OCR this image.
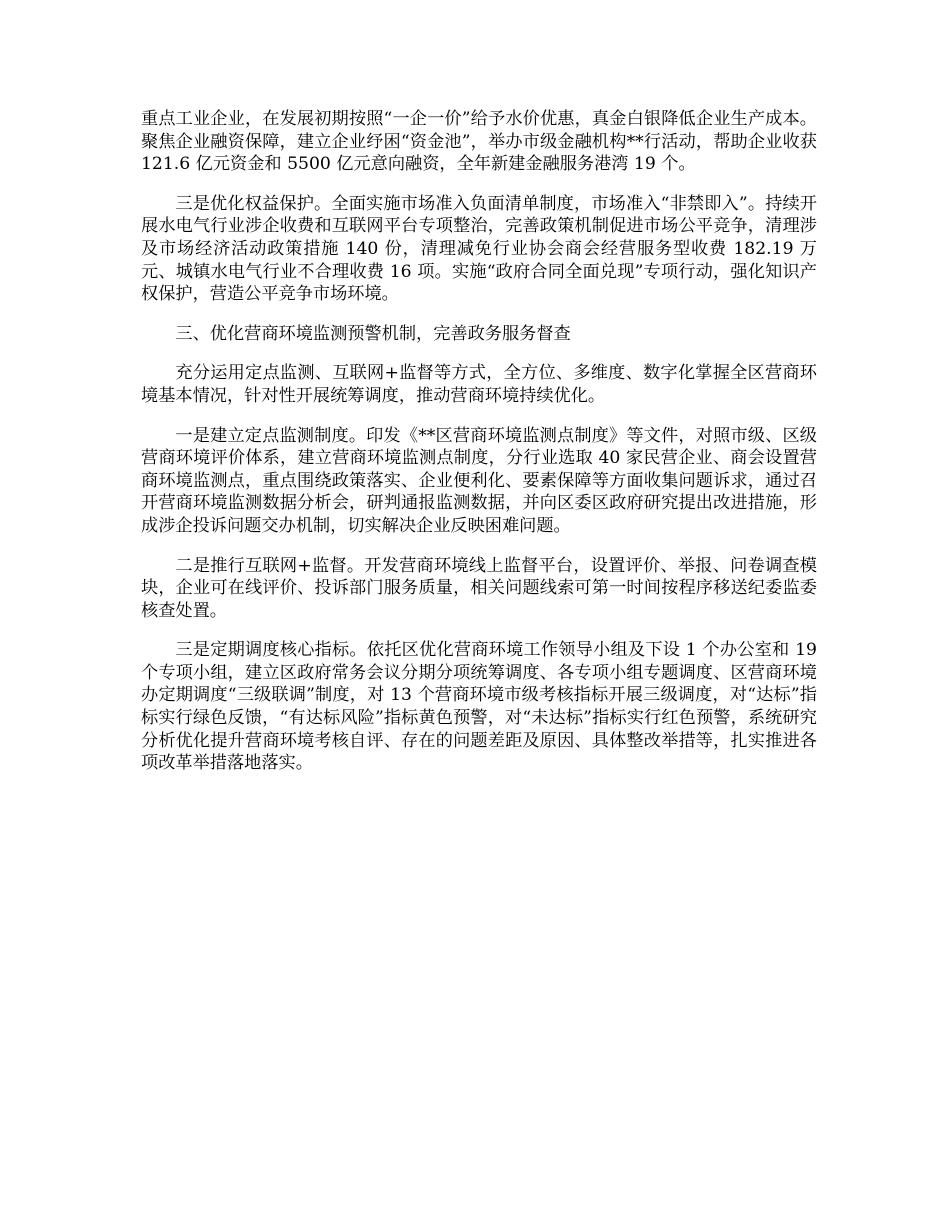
重点工业企业，在发展初期按照“一企一价”给予水价优惠，真金白银降低企业生产成本。聚焦企业融资保障，建立企业纾困“资金池”，举办市级金融机构**行活动，帮助企业收获 121.6 亿元资金和 5500 亿元意向融资，全年新建金融服务港湾 19 个。

三是优化权益保护。全面实施市场准入负面清单制度，市场准入“非禁即入”。持续开展水电气行业涉企收费和互联网平台专项整治，完善政策机制促进市场公平竞争，清理涉及市场经济活动政策措施 140 份，清理减免行业协会商会经营服务型收费 182.19 万元、城镇水电气行业不合理收费 16 项。实施“政府合同全面兑现”专项行动，强化知识产权保护，营造公平竞争市场环境。

三、优化营商环境监测预警机制，完善政务服务督查

充分运用定点监测、互联网+监督等方式，全方位、多维度、数字化掌握全区营商环境基本情况，针对性开展统筹调度，推动营商环境持续优化。

一是建立定点监测制度。印发《**区营商环境监测点制度》等文件，对照市级、区级营商环境评价体系，建立营商环境监测点制度，分行业选取 40 家民营企业、商会设置营商环境监测点，重点围绕政策落实、企业便利化、要素保障等方面收集问题诉求，通过召开营商环境监测数据分析会，研判通报监测数据，并向区委区政府研究提出改进措施，形成涉企投诉问题交办机制，切实解决企业反映困难问题。

二是推行互联网+监督。开发营商环境线上监督平台，设置评价、举报、问卷调查模块，企业可在线评价、投诉部门服务质量，相关问题线索可第一时间按程序移送纪委监委核查处置。

三是定期调度核心指标。依托区优化营商环境工作领导小组及下设 1 个办公室和 19 个专项小组，建立区政府常务会议分期分项统筹调度、各专项小组专题调度、区营商环境办定期调度“三级联调”制度，对 13 个营商环境市级考核指标开展三级调度，对“达标”指标实行绿色反馈，“有达标风险”指标黄色预警，对“未达标”指标实行红色预警，系统研究分析优化提升营商环境考核自评、存在的问题差距及原因、具体整改举措等，扎实推进各项改革举措落地落实。
